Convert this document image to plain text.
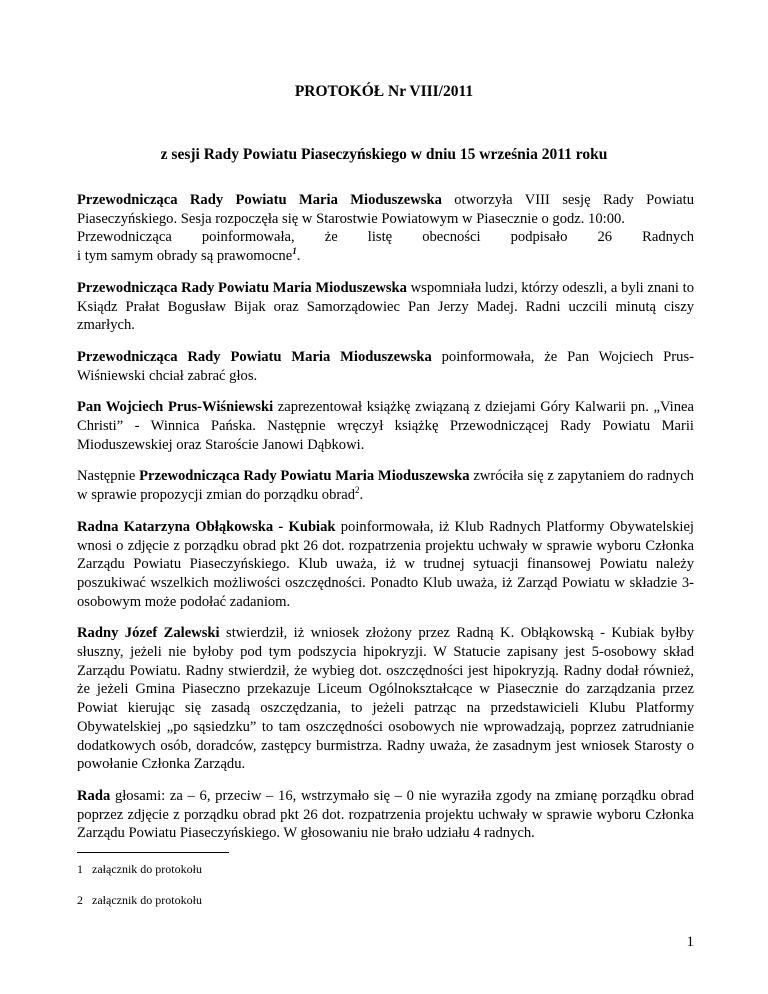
PROTOKÓŁ Nr VIII/2011
z sesji Rady Powiatu Piaseczyńskiego w dniu 15 września 2011 roku

Przewodnicząca Rady Powiatu Maria Mioduszewska otworzyła VIII sesję Rady Powiatu Piaseczyńskiego. Sesja rozpoczęła się w Starostwie Powiatowym w Piasecznie o godz. 10:00.
Przewodnicząca poinformowała, że listę obecności podpisało 26 Radnych
i tym samym obrady są prawomocne$^1$.

Przewodnicząca Rady Powiatu Maria Mioduszewska wspomniała ludzi, którzy odeszli, a byli znani to Ksiądz Prałat Bogusław Bijak oraz Samorządowiec Pan Jerzy Madej. Radni uczcili minutą ciszy zmarłych.

Przewodnicząca Rady Powiatu Maria Mioduszewska poinformowała, że Pan Wojciech Prus-Wiśniewski chciał zabrać głos.

Pan Wojciech Prus-Wiśniewski zaprezentował książkę związaną z dziejami Góry Kalwarii pn. „Vinea Christi” - Winnica Pańska. Następnie wręczył książkę Przewodniczącej Rady Powiatu Marii Mioduszewskiej oraz Staroście Janowi Dąbkowi.

Następnie Przewodnicząca Rady Powiatu Maria Mioduszewska zwróciła się z zapytaniem do radnych w sprawie propozycji zmian do porządku obrad$^2$.

Radna Katarzyna Obłąkowska - Kubiak poinformowała, iż Klub Radnych Platformy Obywatelskiej wnosi o zdjęcie z porządku obrad pkt 26 dot. rozpatrzenia projektu uchwały w sprawie wyboru Członka Zarządu Powiatu Piaseczyńskiego. Klub uważa, iż w trudnej sytuacji finansowej Powiatu należy poszukiwać wszelkich możliwości oszczędności. Ponadto Klub uważa, iż Zarząd Powiatu w składzie 3-osobowym może podołać zadaniom.

Radny Józef Zalewski stwierdził, iż wniosek złożony przez Radną K. Obłąkowską - Kubiak byłby słuszny, jeżeli nie byłoby pod tym podszycia hipokryzji. W Statucie zapisany jest 5-osobowy skład Zarządu Powiatu. Radny stwierdził, że wybieg dot. oszczędności jest hipokryzją. Radny dodał również, że jeżeli Gmina Piaseczno przekazuje Liceum Ogólnokształcące w Piasecznie do zarządzania przez Powiat kierując się zasadą oszczędzania, to jeżeli patrząc na przedstawicieli Klubu Platformy Obywatelskiej „po sąsiedzku” to tam oszczędności osobowych nie wprowadzają, poprzez zatrudnianie dodatkowych osób, doradców, zastępcy burmistrza. Radny uważa, że zasadnym jest wniosek Starosty o powołanie Członka Zarządu.

Rada głosami: za – 6, przeciw – 16, wstrzymało się – 0 nie wyraziła zgody na zmianę porządku obrad poprzez zdjęcie z porządku obrad pkt 26 dot. rozpatrzenia projektu uchwały w sprawie wyboru Członka Zarządu Powiatu Piaseczyńskiego. W głosowaniu nie brało udziału 4 radnych.

1 załącznik do protokołu
2 załącznik do protokołu
1
